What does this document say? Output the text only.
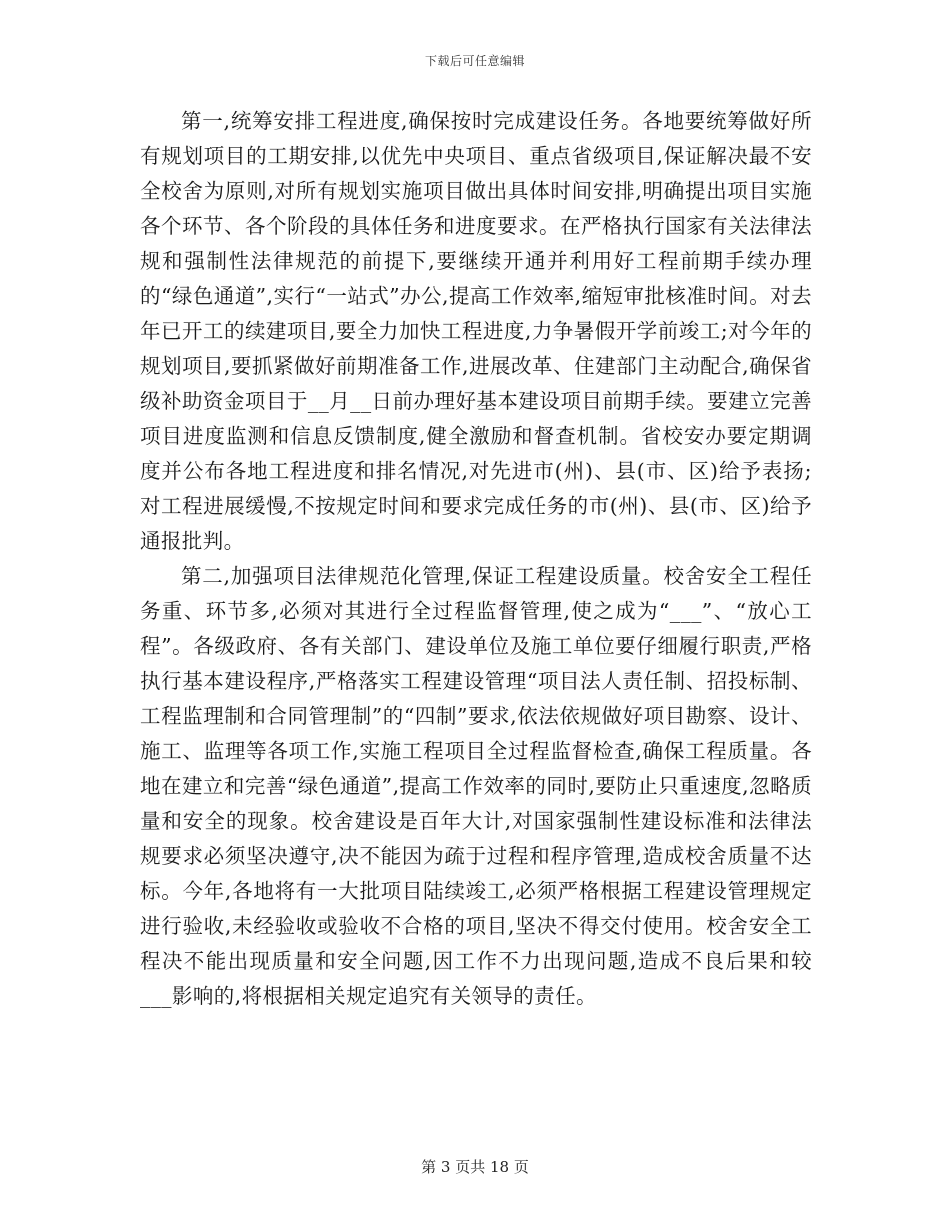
下载后可任意编辑

第一,统筹安排工程进度,确保按时完成建设任务。各地要统筹做好所有规划项目的工期安排,以优先中央项目、重点省级项目,保证解决最不安全校舍为原则,对所有规划实施项目做出具体时间安排,明确提出项目实施各个环节、各个阶段的具体任务和进度要求。在严格执行国家有关法律法规和强制性法律规范的前提下,要继续开通并利用好工程前期手续办理的“绿色通道”,实行“一站式”办公,提高工作效率,缩短审批核准时间。对去年已开工的续建项目,要全力加快工程进度,力争暑假开学前竣工;对今年的规划项目,要抓紧做好前期准备工作,进展改革、住建部门主动配合,确保省级补助资金项目于__月__日前办理好基本建设项目前期手续。要建立完善项目进度监测和信息反馈制度,健全激励和督查机制。省校安办要定期调度并公布各地工程进度和排名情况,对先进市(州)、县(市、区)给予表扬;对工程进展缓慢,不按规定时间和要求完成任务的市(州)、县(市、区)给予通报批判。

第二,加强项目法律规范化管理,保证工程建设质量。校舍安全工程任务重、环节多,必须对其进行全过程监督管理,使之成为“___”、“放心工程”。各级政府、各有关部门、建设单位及施工单位要仔细履行职责,严格执行基本建设程序,严格落实工程建设管理“项目法人责任制、招投标制、工程监理制和合同管理制”的“四制”要求,依法依规做好项目勘察、设计、施工、监理等各项工作,实施工程项目全过程监督检查,确保工程质量。各地在建立和完善“绿色通道”,提高工作效率的同时,要防止只重速度,忽略质量和安全的现象。校舍建设是百年大计,对国家强制性建设标准和法律法规要求必须坚决遵守,决不能因为疏于过程和程序管理,造成校舍质量不达标。今年,各地将有一大批项目陆续竣工,必须严格根据工程建设管理规定进行验收,未经验收或验收不合格的项目,坚决不得交付使用。校舍安全工程决不能出现质量和安全问题,因工作不力出现问题,造成不良后果和较___影响的,将根据相关规定追究有关领导的责任。

第 3 页共 18 页
